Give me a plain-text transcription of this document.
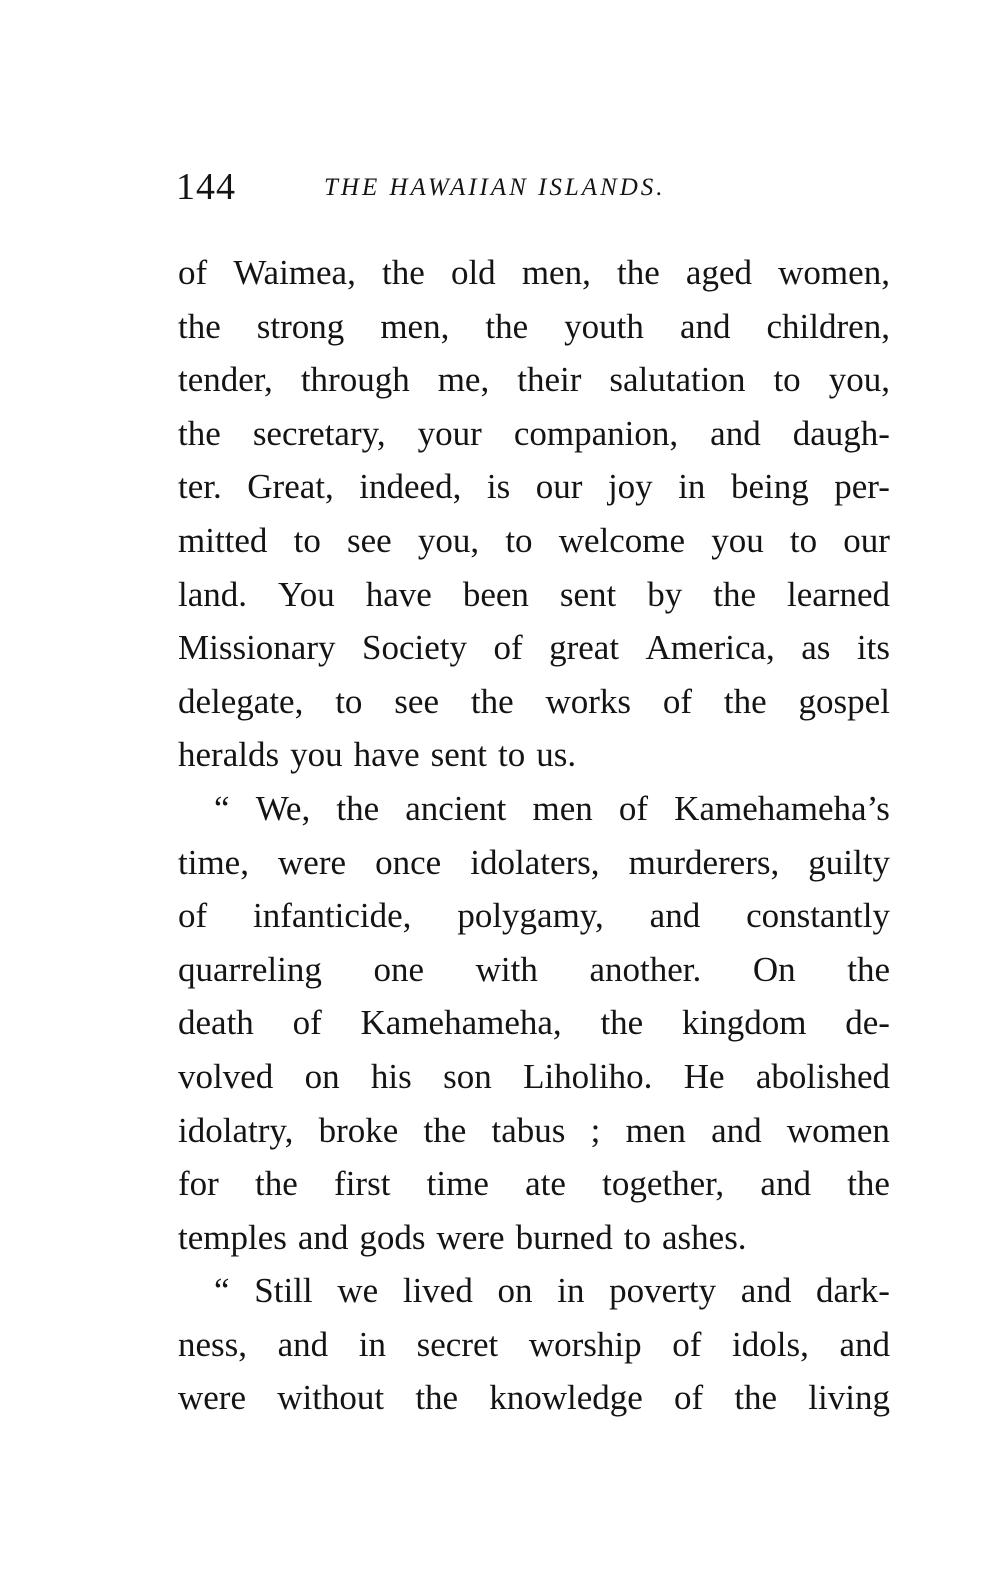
144	THE HAWAIIAN ISLANDS.
of Waimea, the old men, the aged women,
the strong men, the youth and children,
tender, through me, their salutation to you,
the secretary, your companion, and daugh-
ter. Great, indeed, is our joy in being per-
mitted to see you, to welcome you to our
land. You have been sent by the learned
Missionary Society of great America, as its
delegate, to see the works of the gospel
heralds you have sent to us.
“ We, the ancient men of Kamehameha’s
time, were once idolaters, murderers, guilty
of infanticide, polygamy, and constantly
quarreling one with another. On the
death of Kamehameha, the kingdom de-
volved on his son Liholiho. He abolished
idolatry, broke the tabus ; men and women
for the first time ate together, and the
temples and gods were burned to ashes.
“ Still we lived on in poverty and dark-
ness, and in secret worship of idols, and
were without the knowledge of the living
